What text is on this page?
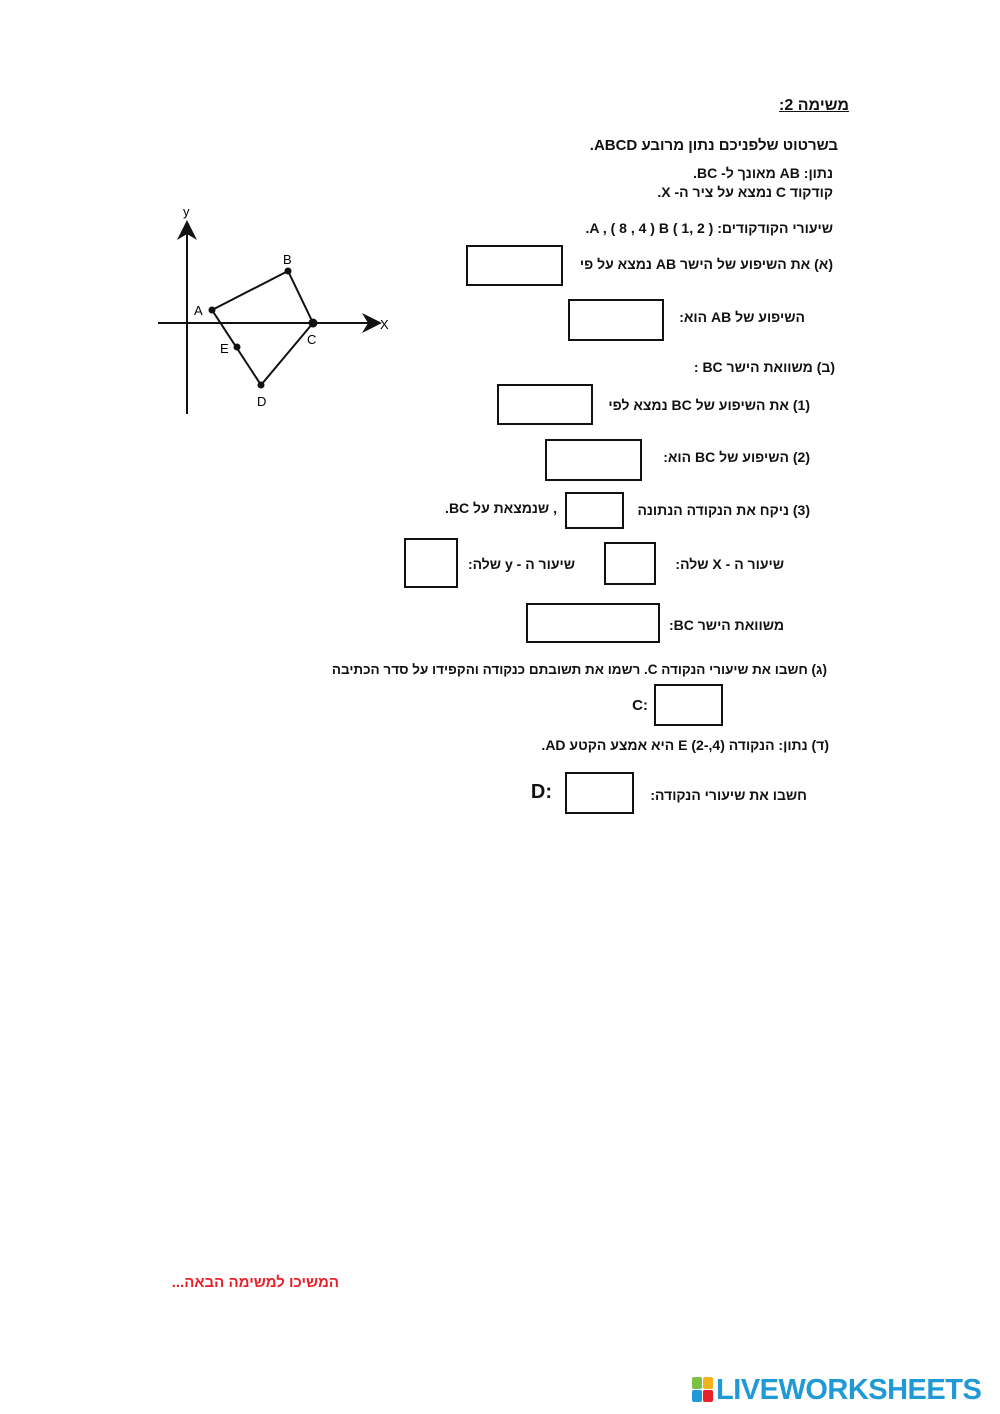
משימה 2:
בשרטוט שלפניכם נתון מרובע ABCD.
נתון: AB מאונך ל- BC.
קודקוד C נמצא על ציר ה- X.
שיעורי הקודקודים: ( 2 ,1 ) A , ( 8 , 4 ) B.
(א) את השיפוע של הישר AB נמצא על פי
השיפוע של AB הוא:
(ב) משוואת הישר BC :
(1) את השיפוע של BC נמצא לפי
(2) השיפוע של BC הוא:
(3) ניקח את הנקודה הנתונה
, שנמצאת על BC.
שיעור ה - X שלה:
שיעור ה - y שלה:
משוואת הישר BC:
(ג) חשבו את שיעורי הנקודה C. רשמו את תשובתם כנקודה והקפידו על סדר הכתיבה
C:
(ד) נתון: הנקודה (4,-2) E היא אמצע הקטע AD.
חשבו את שיעורי הנקודה:
D:
X
y
A
B
C
D
E
המשיכו למשימה הבאה...
LIVEWORKSHEETS
